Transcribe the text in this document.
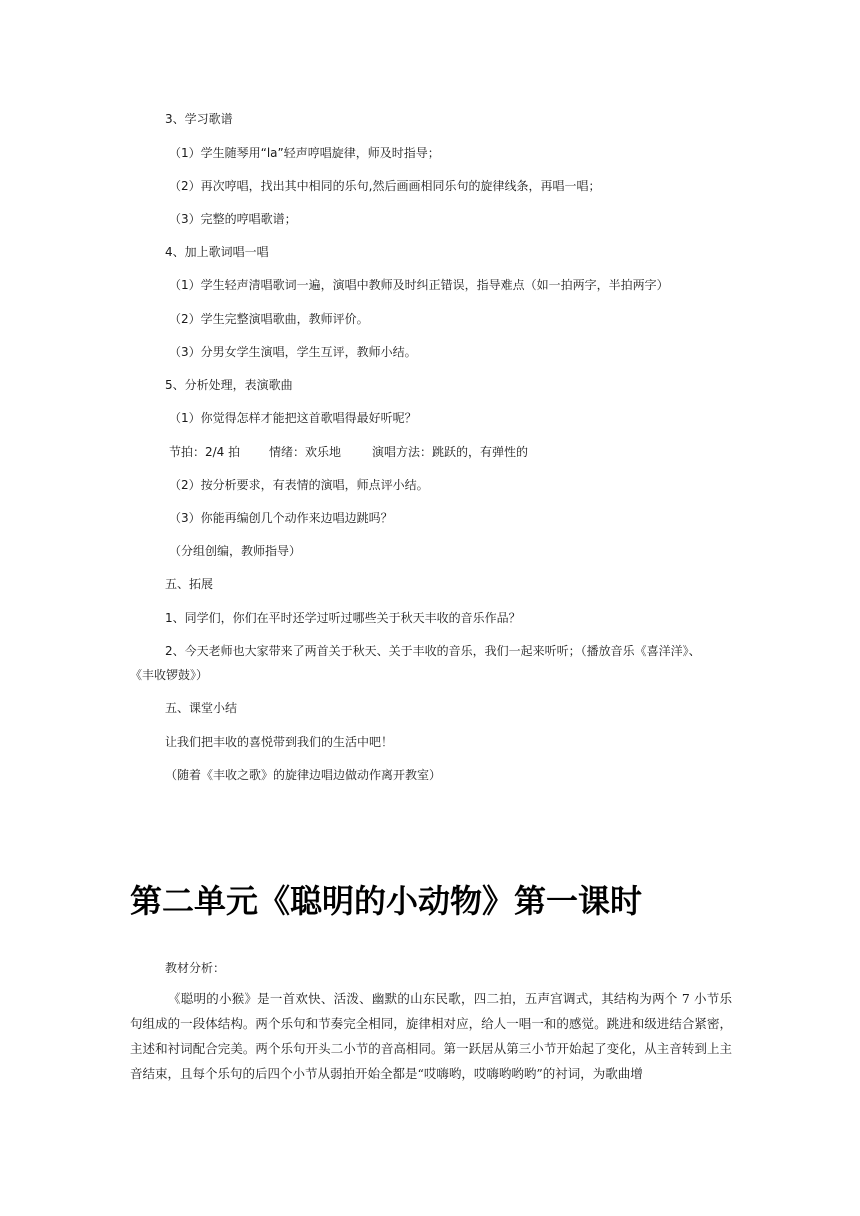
3、学习歌谱

（1）学生随琴用“la”轻声哼唱旋律，师及时指导；

（2）再次哼唱，找出其中相同的乐句,然后画画相同乐句的旋律线条，再唱一唱；

（3）完整的哼唱歌谱；

4、加上歌词唱一唱

（1）学生轻声清唱歌词一遍，演唱中教师及时纠正错误，指导难点（如一拍两字，半拍两字）

（2）学生完整演唱歌曲，教师评价。

（3）分男女学生演唱，学生互评，教师小结。

5、分析处理，表演歌曲

（1）你觉得怎样才能把这首歌唱得最好听呢？

节拍：2/4 拍 情绪：欢乐地	演唱方法：跳跃的，有弹性的

（2）按分析要求，有表情的演唱，师点评小结。

（3）你能再编创几个动作来边唱边跳吗？

（分组创编，教师指导）

五、拓展

1、同学们，你们在平时还学过听过哪些关于秋天丰收的音乐作品？

2、今天老师也大家带来了两首关于秋天、关于丰收的音乐，我们一起来听听；（播放音乐《喜洋洋》、

《丰收锣鼓》）

五、课堂小结

让我们把丰收的喜悦带到我们的生活中吧！

（随着《丰收之歌》的旋律边唱边做动作离开教室）

第二单元《聪明的小动物》第一课时

教材分析：

《聪明的小猴》是一首欢快、活泼、幽默的山东民歌，四二拍，五声宫调式，其结构为两个 7 小节乐句组成的一段体结构。两个乐句和节奏完全相同，旋律相对应，给人一唱一和的感觉。跳进和级进结合紧密，主述和衬词配合完美。两个乐句开头二小节的音高相同。第一跃居从第三小节开始起了变化，从主音转到上主音结束，且每个乐句的后四个小节从弱拍开始全都是“哎嗨哟，哎嗨哟哟哟”的衬词，为歌曲增
